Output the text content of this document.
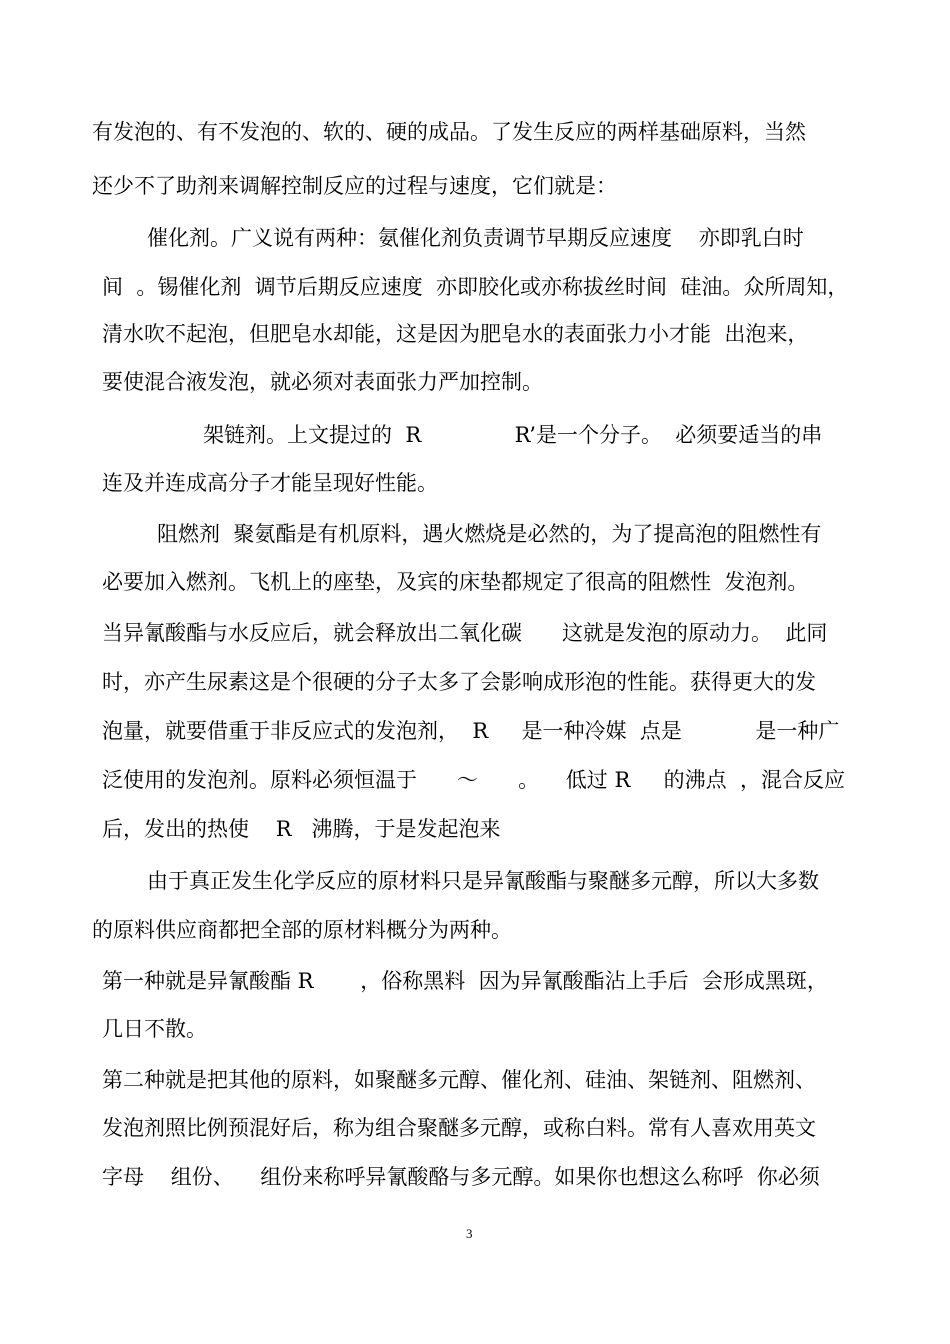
有发泡的、有不发泡的、软的、硬的成品。了发生反应的两样基础原料，当然
还少不了助剂来调解控制反应的过程与速度，它们就是：
催化剂。广义说有两种：氨催化剂负责调节早期反应速度    亦即乳白时
间  。锡催化剂  调节后期反应速度  亦即胶化或亦称拔丝时间  硅油。众所周知，
清水吹不起泡，但肥皂水却能，这是因为肥皂水的表面张力小才能  出泡来，
要使混合液发泡，就必须对表面张力严加控制。
架链剂。上文提过的  R              R’是一个分子。  必须要适当的串
连及并连成高分子才能呈现好性能。
阻燃剂  聚氨酯是有机原料，遇火燃烧是必然的，为了提高泡的阻燃性有
必要加入燃剂。飞机上的座垫，及宾的床垫都规定了很高的阻燃性  发泡剂。
当异氰酸酯与水反应后，就会释放出二氧化碳      这就是发泡的原动力。  此同
时，亦产生尿素这是个很硬的分子太多了会影响成形泡的性能。获得更大的发
泡量，就要借重于非反应式的发泡剂，  R     是一种冷媒  点是           是一种广
泛使用的发泡剂。原料必须恒温于      ～      。    低过 R     的沸点  ，混合反应
后，发出的热使    R   沸腾，于是发起泡来
由于真正发生化学反应的原材料只是异氰酸酯与聚醚多元醇，所以大多数
的原料供应商都把全部的原材料概分为两种。
第一种就是异氰酸酯 R       ，俗称黑料  因为异氰酸酯沾上手后  会形成黑斑，
几日不散。
第二种就是把其他的原料，如聚醚多元醇、催化剂、硅油、架链剂、阻燃剂、
发泡剂照比例预混好后，称为组合聚醚多元醇，或称白料。常有人喜欢用英文
字母    组份、    组份来称呼异氰酸酪与多元醇。如果你也想这么称呼  你必须
3
